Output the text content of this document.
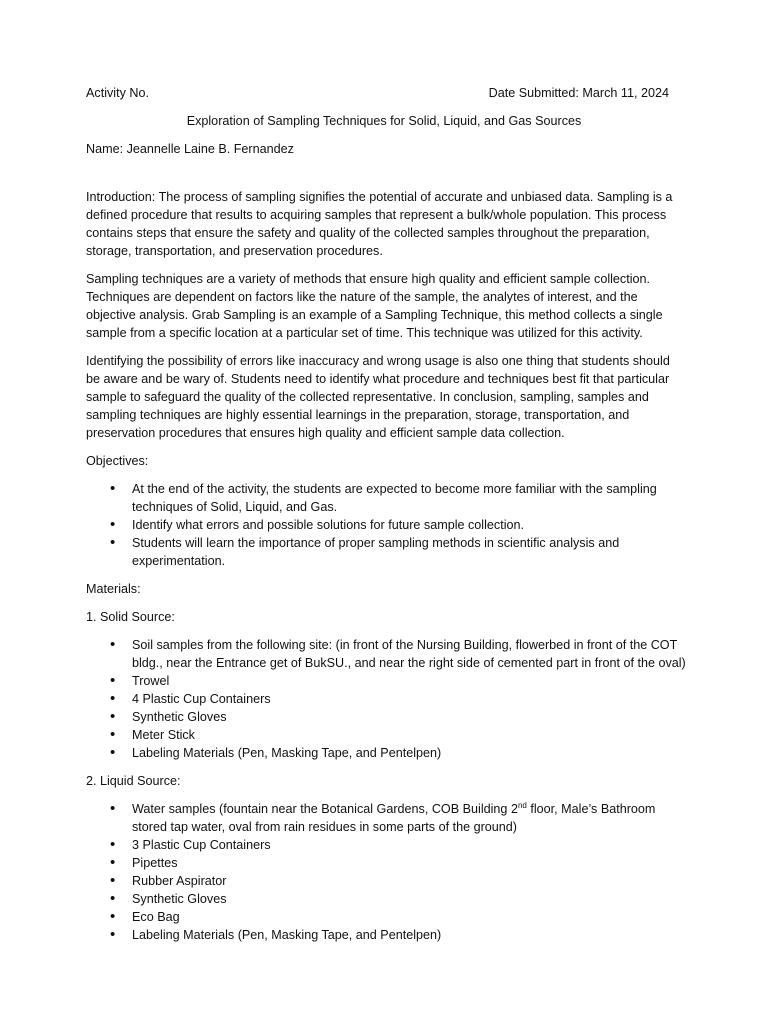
Activity No.	Date Submitted: March 11, 2024
Exploration of Sampling Techniques for Solid, Liquid, and Gas Sources
Name: Jeannelle Laine B. Fernandez

Introduction: The process of sampling signifies the potential of accurate and unbiased data. Sampling is a defined procedure that results to acquiring samples that represent a bulk/whole population. This process contains steps that ensure the safety and quality of the collected samples throughout the preparation, storage, transportation, and preservation procedures.

Sampling techniques are a variety of methods that ensure high quality and efficient sample collection. Techniques are dependent on factors like the nature of the sample, the analytes of interest, and the objective analysis. Grab Sampling is an example of a Sampling Technique, this method collects a single sample from a specific location at a particular set of time. This technique was utilized for this activity.

Identifying the possibility of errors like inaccuracy and wrong usage is also one thing that students should be aware and be wary of. Students need to identify what procedure and techniques best fit that particular sample to safeguard the quality of the collected representative. In conclusion, sampling, samples and sampling techniques are highly essential learnings in the preparation, storage, transportation, and preservation procedures that ensures high quality and efficient sample data collection.

Objectives:
• At the end of the activity, the students are expected to become more familiar with the sampling techniques of Solid, Liquid, and Gas.
• Identify what errors and possible solutions for future sample collection.
• Students will learn the importance of proper sampling methods in scientific analysis and experimentation.
Materials:
1. Solid Source:
• Soil samples from the following site: (in front of the Nursing Building, flowerbed in front of the COT bldg., near the Entrance get of BukSU., and near the right side of cemented part in front of the oval)
• Trowel
• 4 Plastic Cup Containers
• Synthetic Gloves
• Meter Stick
• Labeling Materials (Pen, Masking Tape, and Pentelpen)
2. Liquid Source:
• Water samples (fountain near the Botanical Gardens, COB Building 2nd floor, Male’s Bathroom stored tap water, oval from rain residues in some parts of the ground)
• 3 Plastic Cup Containers
• Pipettes
• Rubber Aspirator
• Synthetic Gloves
• Eco Bag
• Labeling Materials (Pen, Masking Tape, and Pentelpen)
